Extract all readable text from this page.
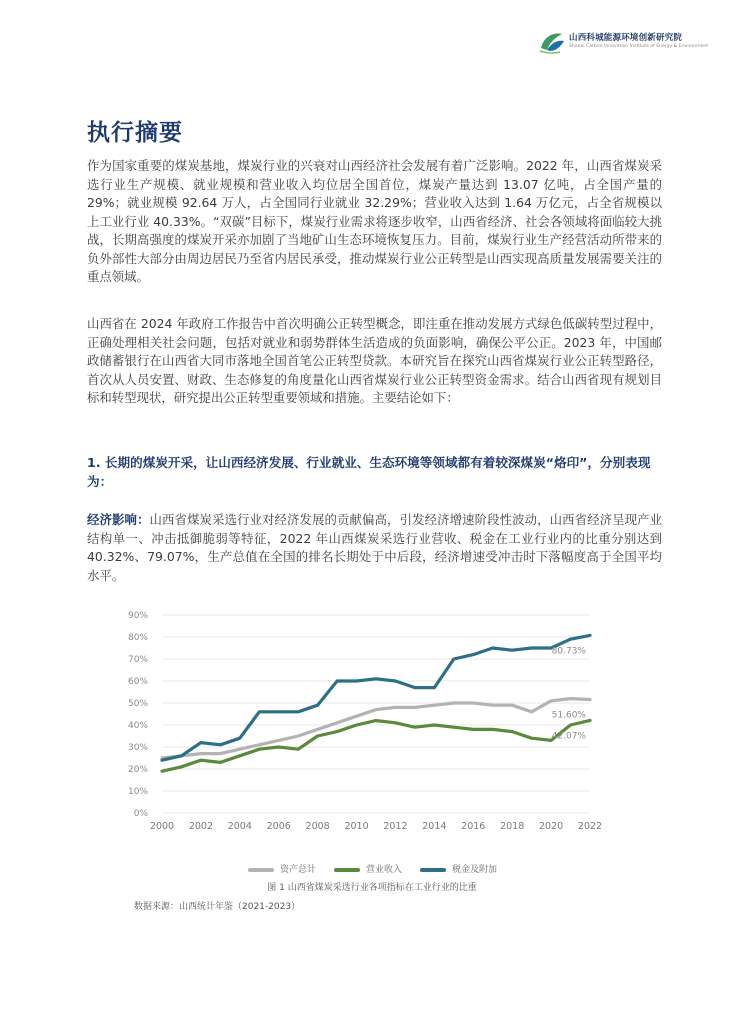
山西科城能源环境创新研究院
Shanxi Carbon Innovation Institute of Energy & Environment
执行摘要

作为国家重要的煤炭基地，煤炭行业的兴衰对山西经济社会发展有着广泛影响。2022 年，山西省煤炭采选行业生产规模、就业规模和营业收入均位居全国首位，煤炭产量达到 13.07 亿吨，占全国产量的 29%；就业规模 92.64 万人，占全国同行业就业 32.29%；营业收入达到 1.64 万亿元，占全省规模以上工业行业 40.33%。“双碳”目标下，煤炭行业需求将逐步收窄，山西省经济、社会各领域将面临较大挑战，长期高强度的煤炭开采亦加剧了当地矿山生态环境恢复压力。目前，煤炭行业生产经营活动所带来的负外部性大部分由周边居民乃至省内居民承受，推动煤炭行业公正转型是山西实现高质量发展需要关注的重点领域。

山西省在 2024 年政府工作报告中首次明确公正转型概念，即注重在推动发展方式绿色低碳转型过程中，正确处理相关社会问题，包括对就业和弱势群体生活造成的负面影响，确保公平公正。2023 年，中国邮政储蓄银行在山西省大同市落地全国首笔公正转型贷款。本研究旨在探究山西省煤炭行业公正转型路径，首次从人员安置、财政、生态修复的角度量化山西省煤炭行业公正转型资金需求。结合山西省现有规划目标和转型现状，研究提出公正转型重要领域和措施。主要结论如下：

1. 长期的煤炭开采，让山西经济发展、行业就业、生态环境等领域都有着较深煤炭“烙印”，分别表现为：

经济影响：山西省煤炭采选行业对经济发展的贡献偏高，引发经济增速阶段性波动，山西省经济呈现产业结构单一、冲击抵御脆弱等特征，2022 年山西煤炭采选行业营收、税金在工业行业内的比重分别达到 40.32%、79.07%，生产总值在全国的排名长期处于中后段，经济增速受冲击时下落幅度高于全国平均水平。

0%
10%
20%
30%
40%
50%
60%
70%
80%
90%
2000 2002 2004 2006 2008 2010 2012 2014 2016 2018 2020 2022
51.60%
42.07%
80.73%
资产总计	营业收入	税金及附加
图 1 山西省煤炭采选行业各项指标在工业行业的比重
数据来源：山西统计年鉴（2021-2023）
